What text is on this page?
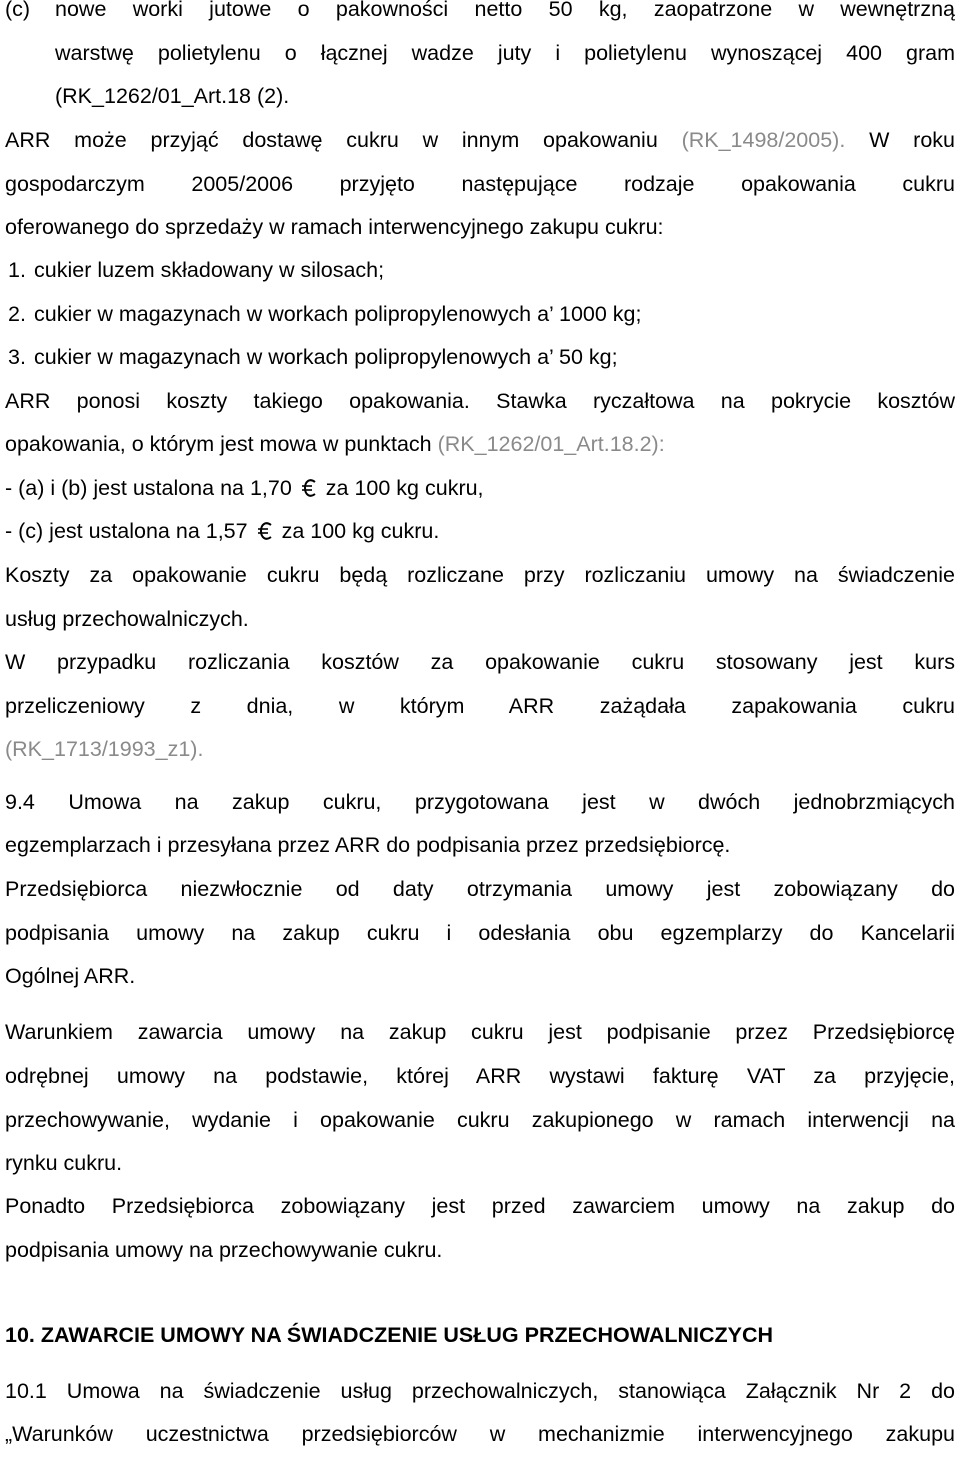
(c) nowe worki jutowe o pakowności netto 50 kg, zaopatrzone w wewnętrzną
warstwę polietylenu o łącznej wadze juty i polietylenu wynoszącej 400 gram
(RK_1262/01_Art.18 (2).
ARR może przyjąć dostawę cukru w innym opakowaniu (RK_1498/2005). W roku
gospodarczym 2005/2006 przyjęto następujące rodzaje opakowania cukru
oferowanego do sprzedaży w ramach interwencyjnego zakupu cukru:
1. cukier luzem składowany w silosach;
2. cukier w magazynach w workach polipropylenowych a’ 1000 kg;
3. cukier w magazynach w workach polipropylenowych a’ 50 kg;
ARR ponosi koszty takiego opakowania. Stawka ryczałtowa na pokrycie kosztów
opakowania, o którym jest mowa w punktach (RK_1262/01_Art.18.2):
- (a) i (b) jest ustalona na 1,70 za 100 kg cukru,
- (c) jest ustalona na 1,57 za 100 kg cukru.
Koszty za opakowanie cukru będą rozliczane przy rozliczaniu umowy na świadczenie
usług przechowalniczych.
W przypadku rozliczania kosztów za opakowanie cukru stosowany jest kurs
przeliczeniowy z dnia, w którym ARR zażądała zapakowania cukru
(RK_1713/1993_z1).
9.4 Umowa na zakup cukru, przygotowana jest w dwóch jednobrzmiących
egzemplarzach i przesyłana przez ARR do podpisania przez przedsiębiorcę.
Przedsiębiorca niezwłocznie od daty otrzymania umowy jest zobowiązany do
podpisania umowy na zakup cukru i odesłania obu egzemplarzy do Kancelarii
Ogólnej ARR.
Warunkiem zawarcia umowy na zakup cukru jest podpisanie przez Przedsiębiorcę
odrębnej umowy na podstawie, której ARR wystawi fakturę VAT za przyjęcie,
przechowywanie, wydanie i opakowanie cukru zakupionego w ramach interwencji na
rynku cukru.
Ponadto Przedsiębiorca zobowiązany jest przed zawarciem umowy na zakup do
podpisania umowy na przechowywanie cukru.
10. ZAWARCIE UMOWY NA ŚWIADCZENIE USŁUG PRZECHOWALNICZYCH
10.1 Umowa na świadczenie usług przechowalniczych, stanowiąca Załącznik Nr 2 do
„Warunków uczestnictwa przedsiębiorców w mechanizmie interwencyjnego zakupu
